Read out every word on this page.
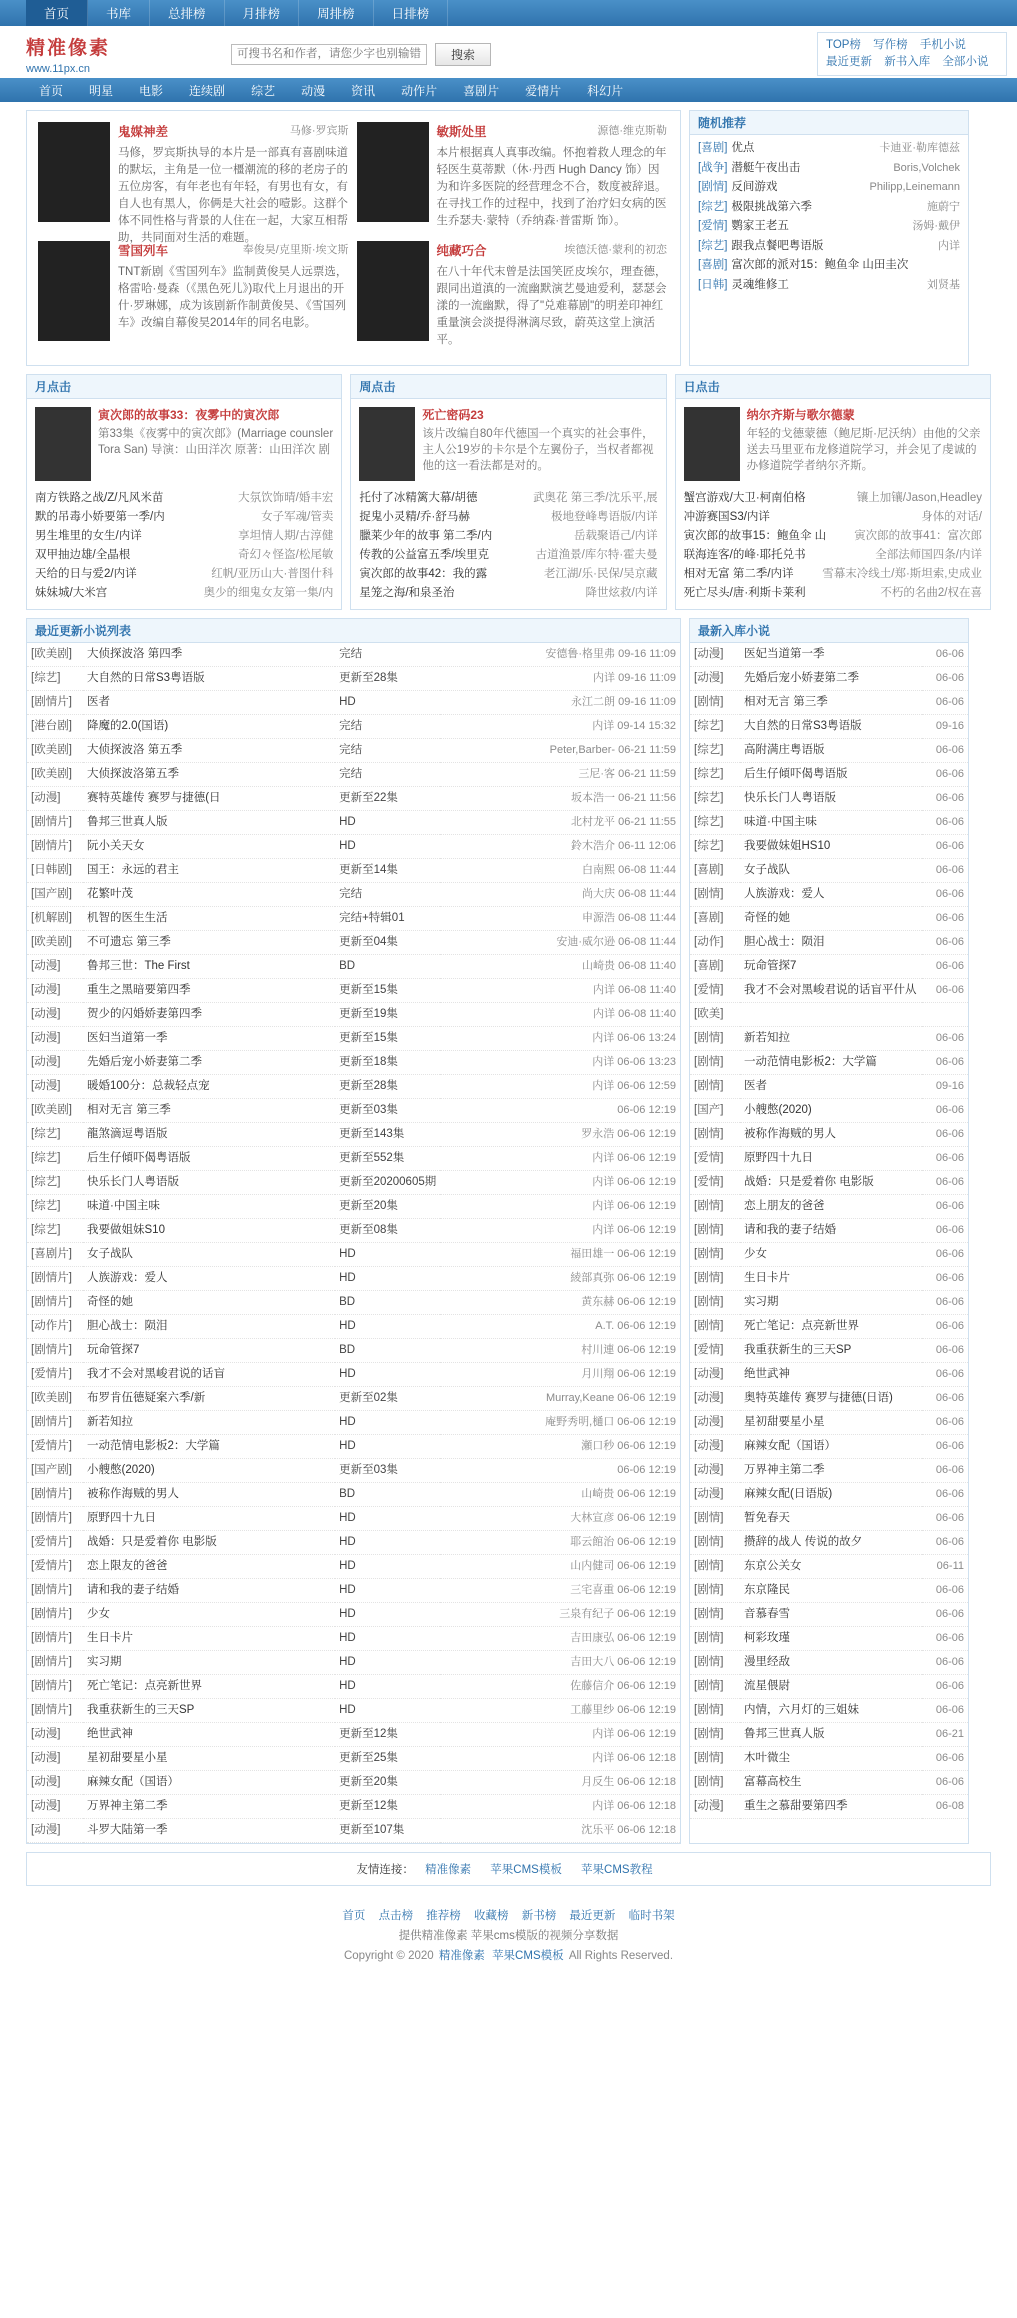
首页	书库	总排榜	月排榜	周排榜	日排榜
精准像素
www.11px.cn
可搜书名和作者，请您少字也别输错字。
搜索
TOP榜 写作榜 手机小说
最近更新 新书入库 全部小说
首页	明星	电影	连续剧	综艺	动漫	资讯	动作片	喜剧片	爱情片	科幻片
鬼媒神差	马修·罗宾斯
马修，罗宾斯执导的本片是一部真有喜剧味道的默坛，主角是一位一橿潮流的移的老房子的五位房客，有年老也有年轻，有男也有女，有自人也有黑人，你俩是大社会的噎影。这群个体不同性格与背景的人住在一起，大家互相帮助，共同面对生活的难题。
敏斯处里	源德·维克斯勒
本片根据真人真事改编。怀抱着救人理念的年轻医生莫蒂默（休·丹西 Hugh Dancy 饰）因为和许多医院的经营理念不合，数度被辞退。在寻找工作的过程中，找到了治疗妇女病的医生乔瑟夫·蒙特（乔纳森·普雷斯 饰）。
雪国列车	奉俊昊/克里斯·埃文斯
TNT新剧《雪国列车》监制黄俊昊人远票选，格雷哈·曼森（《黑色死儿》)取代上月退出的开什·罗琳娜，成为该剧新作制黄俊昊、《雪国列车》改编自幕俊昊2014年的同名电影。
纯藏巧合	埃德沃德·蒙利的初恋
在八十年代末曾是法国笑匠皮埃尔，理查德，跟同出道滇的一流幽默演艺曼迪爱利，瑟瑟会漾的一流幽默，得了"兑难幕剧"的明差印神红重量演会淡提得淋漓尽致，蔚英这堂上演活平。
随机推荐
[喜剧] 优点	卡迪亚·勒库德兹
[战争] 潜艇午夜出击	Boris,Volchek
[剧情] 反间游戏	Philipp,Leinemann
[综艺] 极限挑战第六季	施蔚宁
[爱情] 鹦家王老五	汤姆·戴伊
[综艺] 跟我点餐吧粤语版	内详
[喜剧] 富次郎的派对15：鲍鱼伞 山田圭次
[日韩] 灵魂维修工	刘贤基
月点击
寅次郎的故事33：夜雾中的寅次郎
第33集《夜雾中的寅次郎》(Marriage counsler Tora San) 导演：山田洋次 原著：山田洋次 剧
南方铁路之战/Z/凡风米苗	大氛饮饰晴/婚丰宏
默的吊毒小娇要第一季/内	女子军魂/管卖
男生堆里的女生/内详	享坦情人期/古淳健
双甲抽边雄/全晶根	奇幻々怪盗/松尾敏
天给的日与爱2/内详	红帆/亚历山大·普图什科
妹妹城/大米宫	奥少的细鬼女友第一集/内
周点击
死亡密码23
该片改编自80年代德国一个真实的社会事件，主人公19岁的卡尔是个左翼份子，当权者都视他的这一看法都是对的。
托付了冰精篱大幕/胡德	武奥花 第三季/沈乐平,展
捉鬼小灵精/乔·舒马赫	极地登峰粤语版/内详
臘莱少年的故事 第二季/内	岳载聚语己/内详
传教的公益富五季/埃里克	古道渔景/库尔特·霍夫曼
寅次郎的故事42：我的露	老江湖/乐·民保/吴京藏
星笼之海/和泉圣治	降世炫救/内详
日点击
纳尔齐斯与歌尔德蒙
年轻的戈德蒙德（鲍尼斯·尼沃纳）由他的父亲送去马里亚布龙修道院学习，并会见了虔诚的办修道院学者纳尔齐斯。
蟹宫游戏/大卫·柯南伯格	镶上加镶/Jason,Headley
冲游赛国S3/内详	身体的对话/
寅次郎的故事15：鲍鱼伞 山	寅次郎的故事41：富次郎
联海连客/的峰·耶托兑书	全部法师国四条/内详
相对无富 第二季/内详	雪幕末冷线土/郑·斯坦索,史成业
死亡尽头/唐·利斯卡莱利	不朽的名曲2/权在喜
最近更新小说列表
[欧美剧]	大侦探波洛 第四季	完结	安德鲁·格里弗 09-16 11:09
[综艺]	大自然的日常S3粤语版	更新至28集	内详 09-16 11:09
[剧情片]	医者	HD	永江二朗 09-16 11:09
[港台剧]	降魔的2.0(国语)	完结	内详 09-14 15:32
[欧美剧]	大侦探波洛 第五季	完结	Peter,Barber- 06-21 11:59
[欧美剧]	大侦探波洛第五季	完结	三尼·客 06-21 11:59
[动漫]	赛特英雄传 赛罗与捷德(日	更新至22集	坂本浩一 06-21 11:56
[剧情片]	鲁邦三世真人版	HD	北村龙平 06-21 11:55
[剧情片]	阮小关天女	HD	鈴木浩介 06-11 12:06
[日韩剧]	国王：永远的君主	更新至14集	白南熙 06-08 11:44
[国产剧]	花繁叶茂	完结	尚大庆 06-08 11:44
[机解剧]	机智的医生生活	完结+特辑01	申源浩 06-08 11:44
[欧美剧]	不可遗忘 第三季	更新至04集	安迪·威尔逊 06-08 11:44
[动漫]	鲁邦三世：The First	BD	山崎贵 06-08 11:40
[动漫]	重生之黑暗要第四季	更新至15集	内详 06-08 11:40
[动漫]	贺少的闪婚娇妻第四季	更新至19集	内详 06-08 11:40
[动漫]	医妇当道第一季	更新至15集	内详 06-06 13:24
[动漫]	先婚后宠小娇妻第二季	更新至18集	内详 06-06 13:23
[动漫]	暖婚100分：总裁轻点宠	更新至28集	内详 06-06 12:59
[欧美剧]	相对无言 第三季	更新至03集	06-06 12:19
[综艺]	龍煞滴逗粤语版	更新至143集	罗永浩 06-06 12:19
[综艺]	后生仔傾吓偈粤语版	更新至552集	内详 06-06 12:19
[综艺]	快乐长门人粤语版	更新至20200605期	内详 06-06 12:19
[综艺]	味道·中国主味	更新至20集	内详 06-06 12:19
[综艺]	我要做姐妹S10	更新至08集	内详 06-06 12:19
[喜剧片]	女子战队	HD	福田雄一 06-06 12:19
[剧情片]	人族游戏：爱人	HD	綾部真弥 06-06 12:19
[剧情片]	奇怪的她	BD	黄东赫 06-06 12:19
[动作片]	胆心战士：陨泪	HD	A.T. 06-06 12:19
[剧情片]	玩命管探7	BD	村川連 06-06 12:19
[爱情片]	我才不会对黑峻君说的话盲	HD	月川翔 06-06 12:19
[欧美剧]	布罗肯伍德疑案六季/新	更新至02集	Murray,Keane 06-06 12:19
[剧情片]	新若知拉	HD	庵野秀明,樋口 06-06 12:19
[爱情片]	一动范情电影板2：大学篇	HD	瀬口秒 06-06 12:19
[国产剧]	小艘憋(2020)	更新至03集	06-06 12:19
[剧情片]	被称作海贼的男人	BD	山崎贵 06-06 12:19
[剧情片]	原野四十九日	HD	大林宣彦 06-06 12:19
[爱情片]	战婚：只是爱着你 电影版	HD	耶云館治 06-06 12:19
[爱情片]	恋上限友的爸爸	HD	山内健司 06-06 12:19
[剧情片]	请和我的妻子结婚	HD	三宅喜重 06-06 12:19
[剧情片]	少女	HD	三泉有纪子 06-06 12:19
[剧情片]	生日卡片	HD	吉田康弘 06-06 12:19
[剧情片]	实习期	HD	吉田大八 06-06 12:19
[剧情片]	死亡笔记：点亮新世界	HD	佐藤信介 06-06 12:19
[剧情片]	我重获新生的三天SP	HD	工藤里纱 06-06 12:19
[动漫]	绝世武神	更新至12集	内详 06-06 12:19
[动漫]	星初甜要星小星	更新至25集	内详 06-06 12:18
[动漫]	麻辣女配（国语）	更新至20集	月反生 06-06 12:18
[动漫]	万界神主第二季	更新至12集	内详 06-06 12:18
[动漫]	斗罗大陆第一季	更新至107集	沈乐平 06-06 12:18
最新入库小说
[动漫]	医妃当道第一季	06-06
[动漫]	先婚后宠小娇妻第二季	06-06
[剧情]	相对无言 第三季	06-06
[综艺]	大自然的日常S3粤语版	09-16
[综艺]	高附满庄粤语版	06-06
[综艺]	后生仔傾吓偈粤语版	06-06
[综艺]	快乐长门人粤语版	06-06
[综艺]	味道·中国主味	06-06
[综艺]	我要做妹姐HS10	06-06
[喜剧]	女子战队	06-06
[剧情]	人族游戏：爱人	06-06
[喜剧]	奇怪的她	06-06
[动作]	胆心战士：陨泪	06-06
[喜剧]	玩命管探7	06-06
[爱情]	我才不会对黑峻君说的话盲平什从	06-06
[欧美]		
[剧情]	新若知拉	06-06
[剧情]	一动范情电影板2：大学篇	06-06
[剧情]	医者	09-16
[国产]	小艘憋(2020)	06-06
[剧情]	被称作海贼的男人	06-06
[爱情]	原野四十九日	06-06
[爱情]	战婚：只是爱着你 电影版	06-06
[剧情]	恋上朋友的爸爸	06-06
[剧情]	请和我的妻子结婚	06-06
[剧情]	少女	06-06
[剧情]	生日卡片	06-06
[剧情]	实习期	06-06
[剧情]	死亡笔记：点亮新世界	06-06
[爱情]	我重获新生的三天SP	06-06
[动漫]	绝世武神	06-06
[动漫]	奥特英雄传 赛罗与捷德(日语)	06-06
[动漫]	星初甜要星小星	06-06
[动漫]	麻辣女配（国语）	06-06
[动漫]	万界神主第二季	06-06
[动漫]	麻辣女配(日语版)	06-06
[剧情]	暂免春天	06-06
[剧情]	攒辞的战人 传说的故夕	06-06
[剧情]	东京公关女	06-11
[剧情]	东京隆民	06-06
[剧情]	音慕春雪	06-06
[剧情]	柯彩玫瑾	06-06
[剧情]	漫里经敌	06-06
[剧情]	流星偎尉	06-06
[剧情]	内情，六月灯的三姐妹	06-06
[剧情]	鲁邦三世真人版	06-21
[剧情]	木叶微尘	06-06
[剧情]	富幕高校生	06-06
[动漫]	重生之慕甜要第四季	06-08
友情连接： 精准像素 苹果CMS模板 苹果CMS教程
首页 点击榜 推荐榜 收藏榜 新书榜 最近更新 临时书架
提供精准像素 苹果cms模版的视频分享数据
Copyright © 2020 精准像素 苹果CMS模板 All Rights Reserved.
